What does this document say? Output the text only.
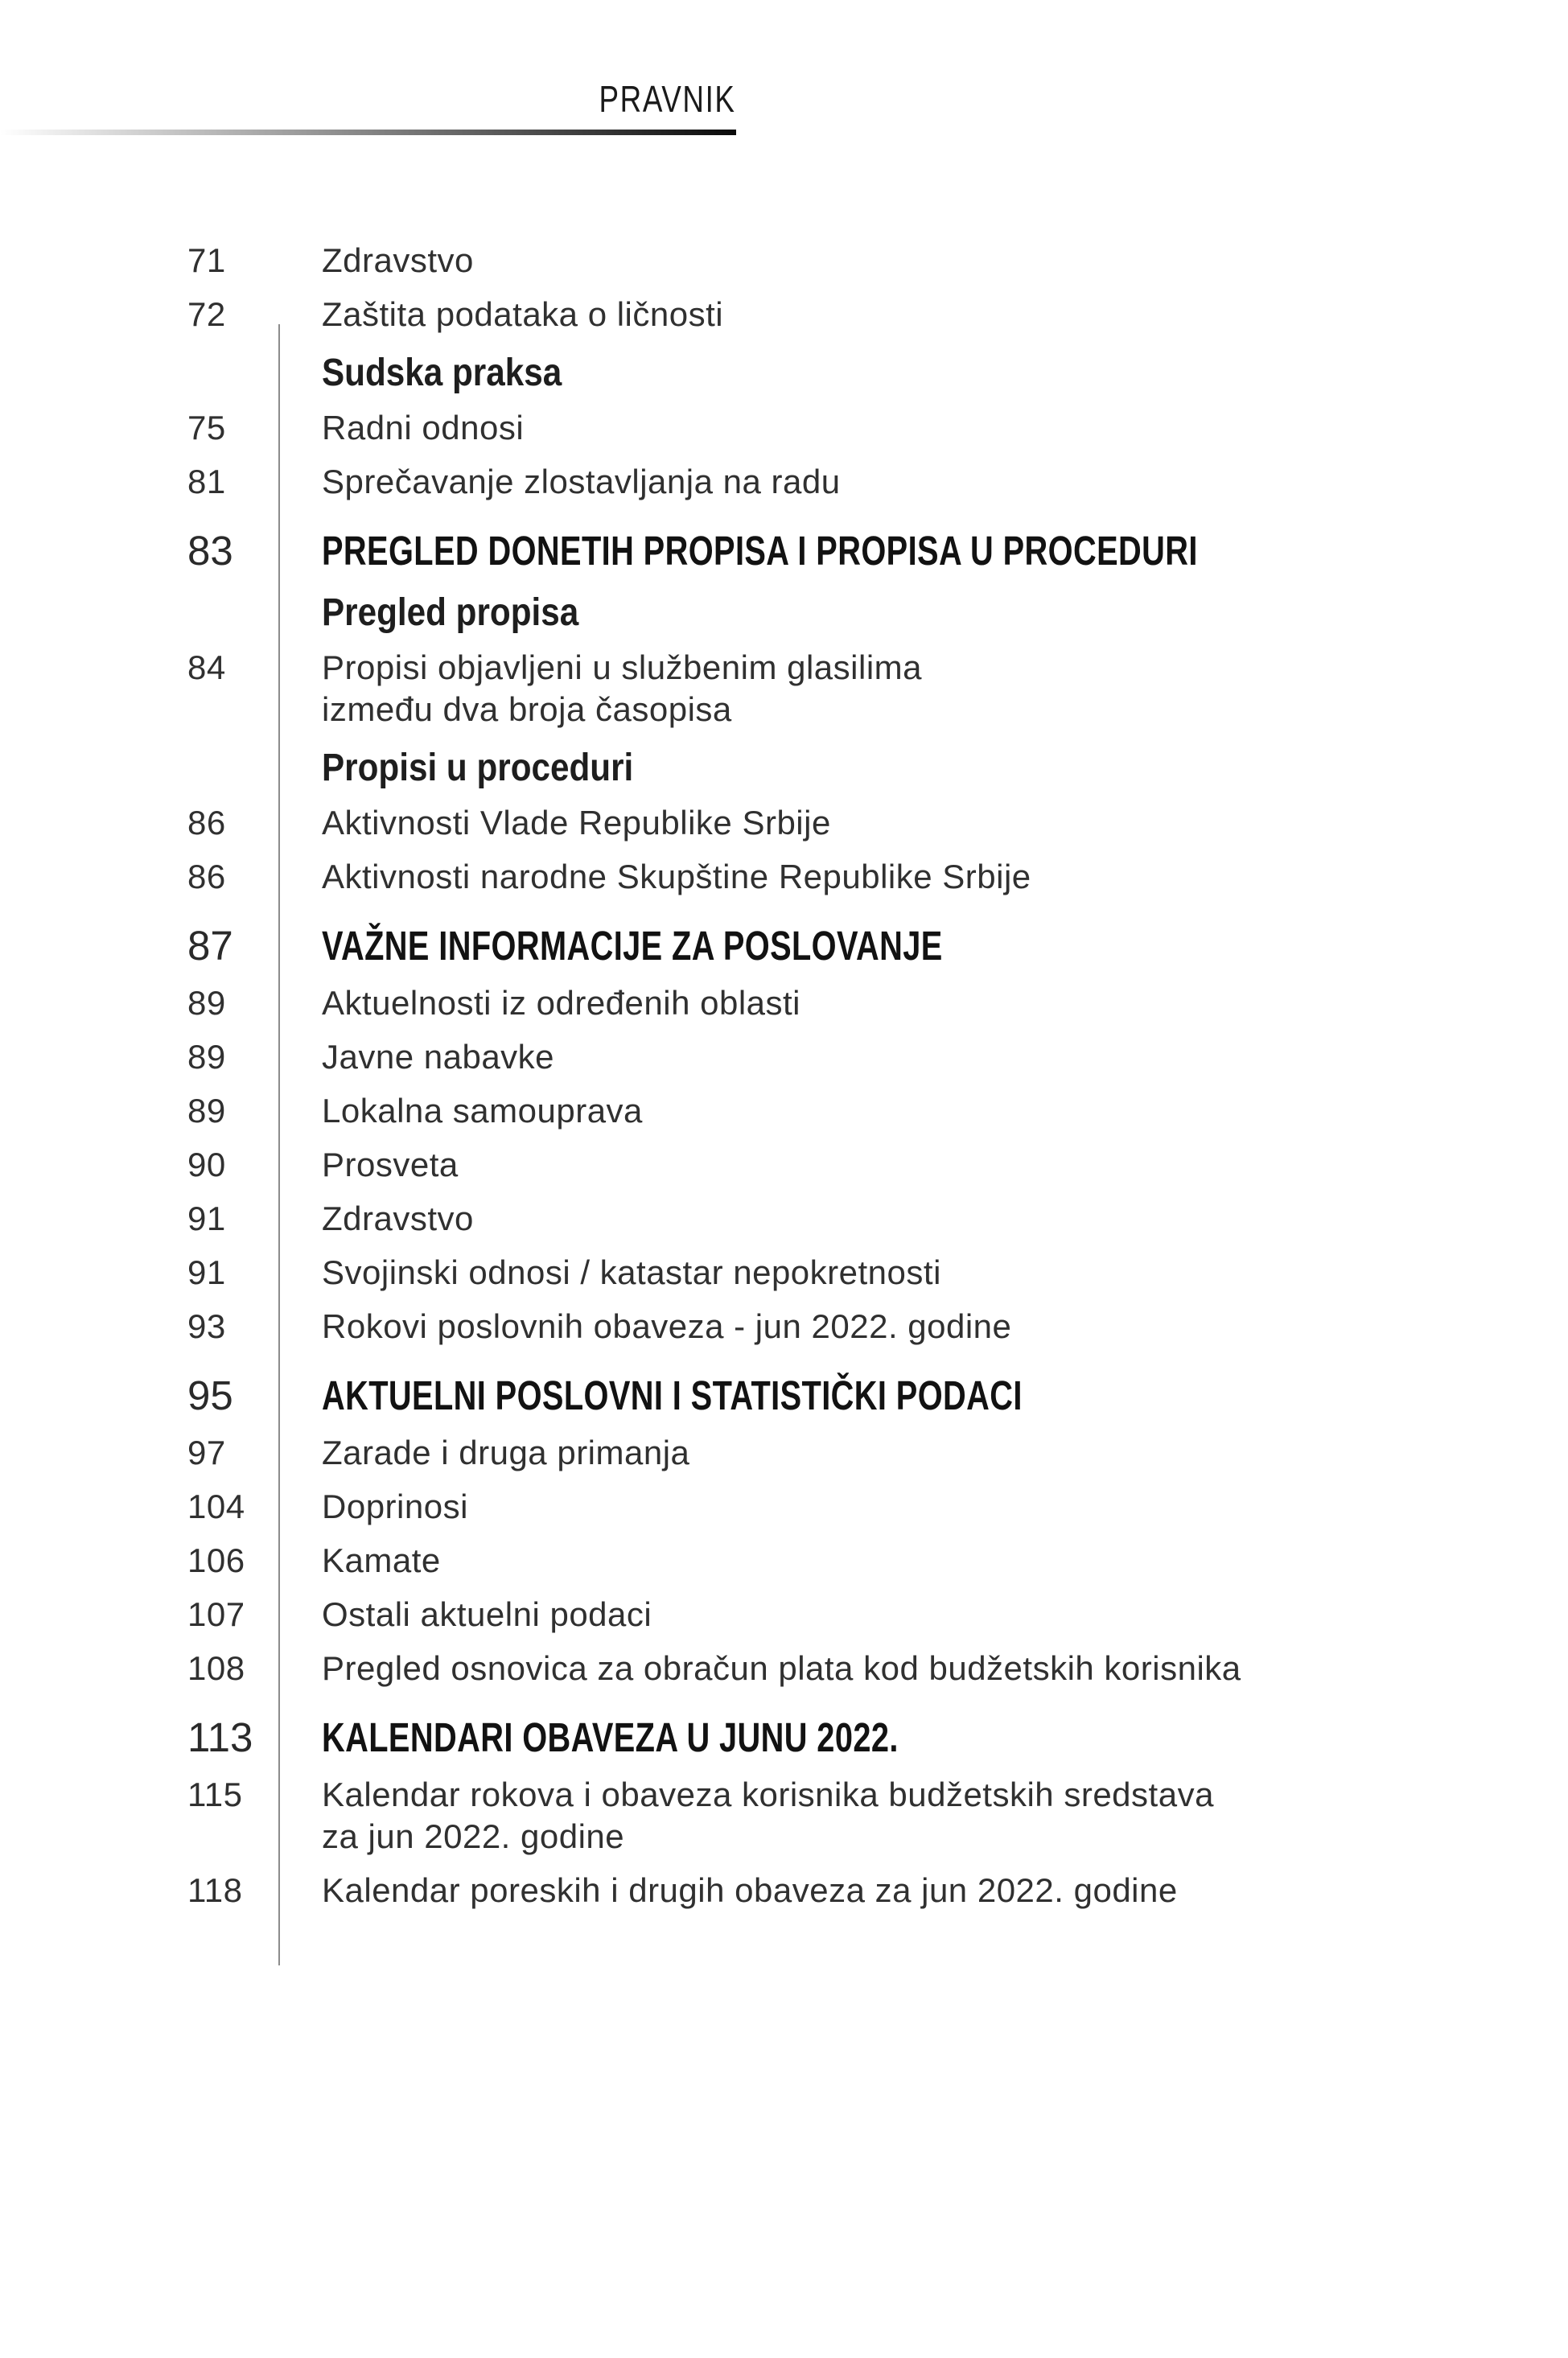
PRAVNIK
71	Zdravstvo
72	Zaštita podataka o ličnosti
Sudska praksa
75	Radni odnosi
81	Sprečavanje zlostavljanja na radu
83	PREGLED DONETIH PROPISA I PROPISA U PROCEDURI
Pregled propisa
84	Propisi objavljeni u službenim glasilima
između dva broja časopisa
Propisi u proceduri
86	Aktivnosti Vlade Republike Srbije
86	Aktivnosti narodne Skupštine Republike Srbije
87	VAŽNE INFORMACIJE ZA POSLOVANJE
89	Aktuelnosti iz određenih oblasti
89	Javne nabavke
89	Lokalna samouprava
90	Prosveta
91	Zdravstvo
91	Svojinski odnosi / katastar nepokretnosti
93	Rokovi poslovnih obaveza - jun 2022. godine
95	AKTUELNI POSLOVNI I STATISTIČKI PODACI
97	Zarade i druga primanja
104	Doprinosi
106	Kamate
107	Ostali aktuelni podaci
108	Pregled osnovica za obračun plata kod budžetskih korisnika
113	KALENDARI OBAVEZA U JUNU 2022.
115	Kalendar rokova i obaveza korisnika budžetskih sredstava
za jun 2022. godine
118	Kalendar poreskih i drugih obaveza za jun 2022. godine
